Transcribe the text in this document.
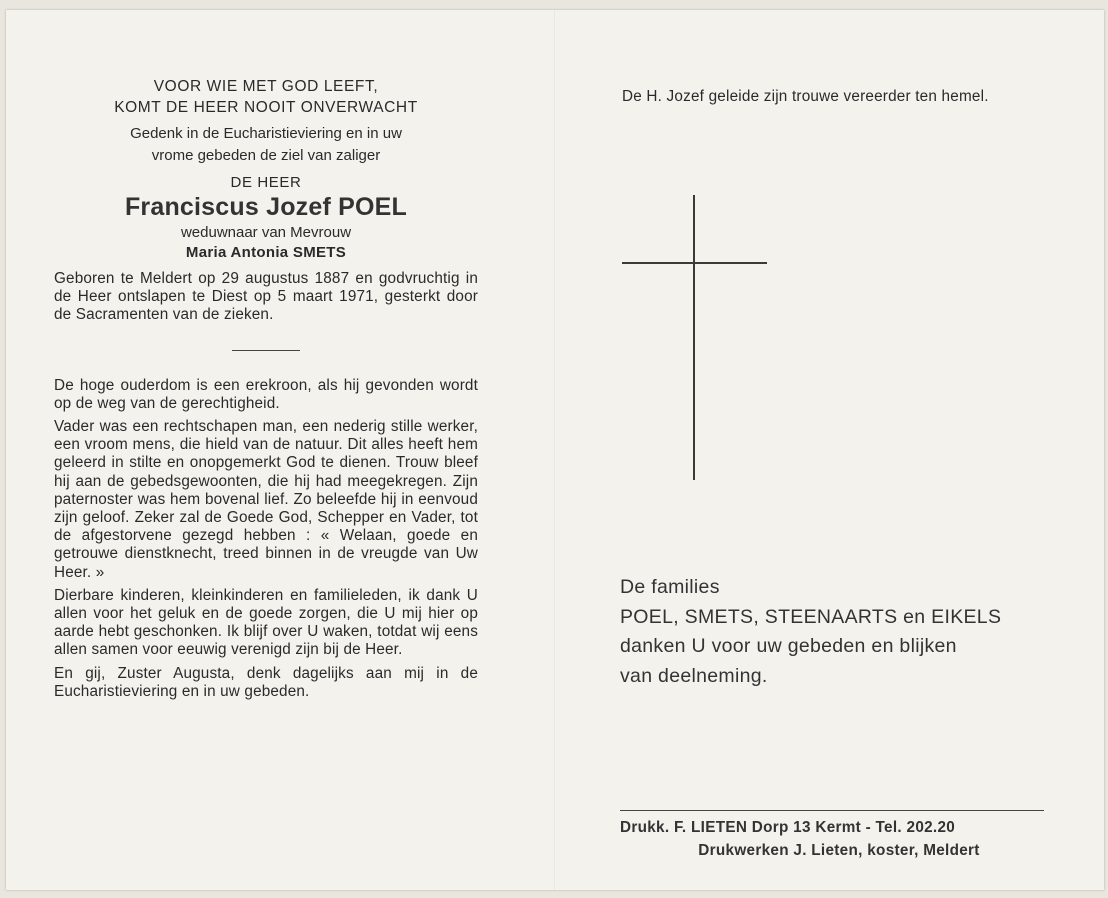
VOOR WIE MET GOD LEEFT,
KOMT DE HEER NOOIT ONVERWACHT
Gedenk in de Eucharistieviering en in uw
vrome gebeden de ziel van zaliger
DE HEER
Franciscus Jozef POEL
weduwnaar van Mevrouw
Maria Antonia SMETS
Geboren te Meldert op 29 augustus 1887 en godvruchtig in de Heer ontslapen te Diest op 5 maart 1971, gesterkt door de Sacramenten van de zieken.
De hoge ouderdom is een erekroon, als hij gevonden wordt op de weg van de gerechtigheid.
Vader was een rechtschapen man, een nederig stille werker, een vroom mens, die hield van de natuur. Dit alles heeft hem geleerd in stilte en onopgemerkt God te dienen. Trouw bleef hij aan de gebedsgewoonten, die hij had meegekregen. Zijn paternoster was hem bovenal lief. Zo beleefde hij in eenvoud zijn geloof. Zeker zal de Goede God, Schepper en Vader, tot de afgestorvene gezegd hebben : « Welaan, goede en getrouwe dienstknecht, treed binnen in de vreugde van Uw Heer. »
Dierbare kinderen, kleinkinderen en familieleden, ik dank U allen voor het geluk en de goede zorgen, die U mij hier op aarde hebt geschonken. Ik blijf over U waken, totdat wij eens allen samen voor eeuwig verenigd zijn bij de Heer.
En gij, Zuster Augusta, denk dagelijks aan mij in de Eucharistieviering en in uw gebeden.
De H. Jozef geleide zijn trouwe vereerder ten hemel.
De families
POEL, SMETS, STEENAARTS en EIKELS
danken U voor uw gebeden en blijken
van deelneming.
Drukk. F. LIETEN Dorp 13 Kermt - Tel. 202.20
Drukwerken J. Lieten, koster, Meldert
